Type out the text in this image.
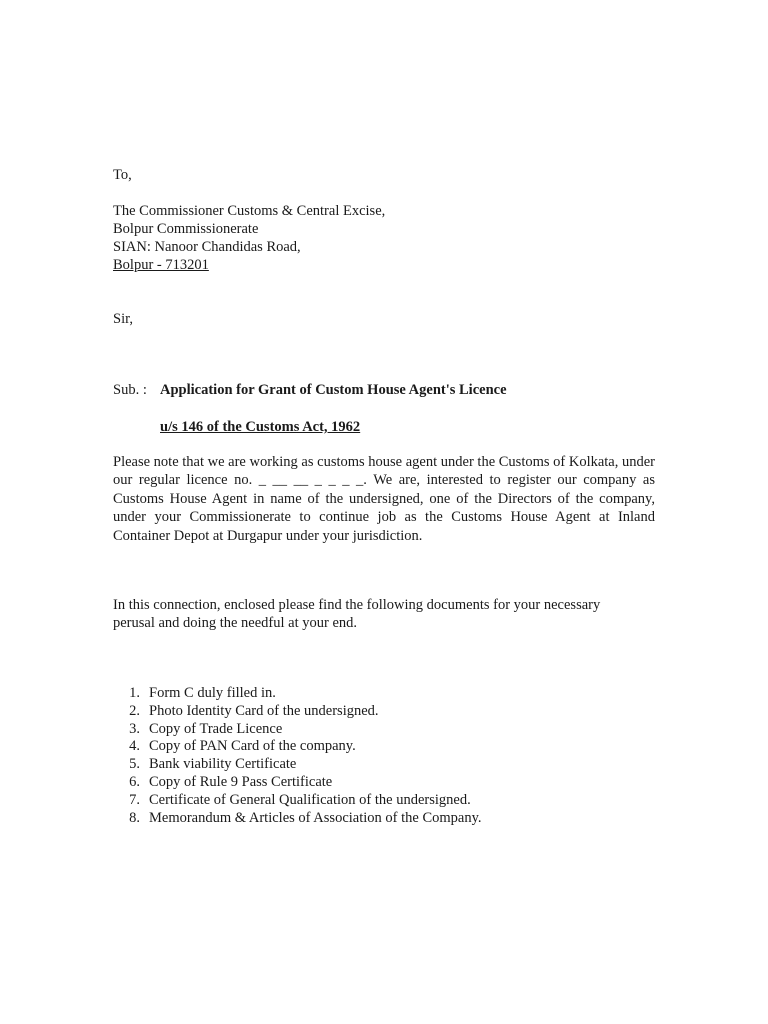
To,
The Commissioner Customs & Central Excise,
Bolpur Commissionerate
SIAN: Nanoor Chandidas Road,
Bolpur - 713201
Sir,
Sub. : Application for Grant of Custom House Agent's Licence
u/s 146 of the Customs Act, 1962
Please note that we are working as customs house agent under the Customs of Kolkata, under our regular licence no. _ __ __ _ _ _ _. We are, interested to register our company as Customs House Agent in name of the undersigned, one of the Directors of the company, under your Commissionerate to continue job as the Customs House Agent at Inland Container Depot at Durgapur under your jurisdiction.
In this connection, enclosed please find the following documents for your necessary perusal and doing the needful at your end.
1. Form C duly filled in.
2. Photo Identity Card of the undersigned.
3. Copy of Trade Licence
4. Copy of PAN Card of the company.
5. Bank viability Certificate
6. Copy of Rule 9 Pass Certificate
7. Certificate of General Qualification of the undersigned.
8. Memorandum & Articles of Association of the Company.
